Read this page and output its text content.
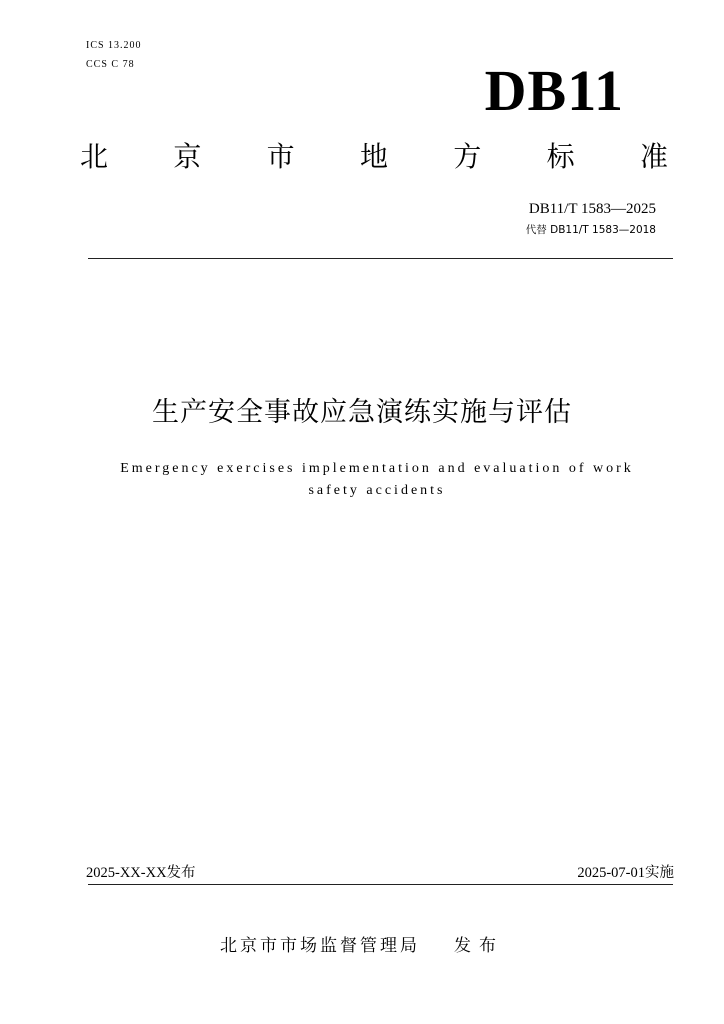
ICS 13.200
CCS C 78	DB11
北 京 市 地 方 标 准
DB11/T 1583—2025
代替 DB11/T 1583—2018
生产安全事故应急演练实施与评估
Emergency exercises implementation and evaluation of work safety accidents
2025-XX-XX发布	2025-07-01实施
北京市市场监督管理局 发布
